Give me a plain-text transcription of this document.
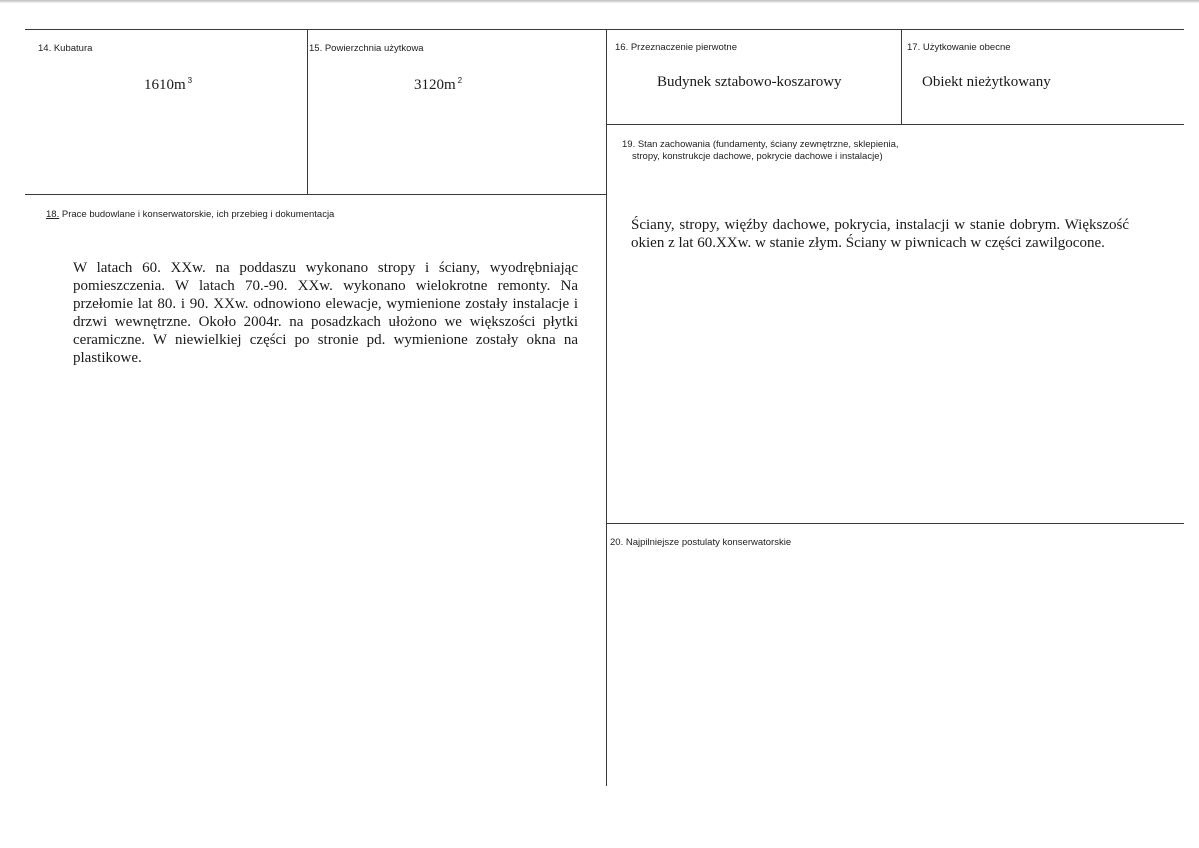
14. Kubatura
1610m $^3$
15. Powierzchnia użytkowa
3120m $^2$
16. Przeznaczenie pierwotne
Budynek sztabowo-koszarowy
17. Użytkowanie obecne
Obiekt nieżytkowany
19. Stan zachowania (fundamenty, ściany zewnętrzne, sklepienia,
stropy, konstrukcje dachowe, pokrycie dachowe i instalacje)
18. Prace budowlane i konserwatorskie, ich przebieg i dokumentacja
W latach 60. XXw. na poddaszu wykonano stropy i ściany, wyodrębniając pomieszczenia. W latach 70.-90. XXw. wykonano wielokrotne remonty. Na przełomie lat 80. i 90. XXw. odnowiono elewacje, wymienione zostały instalacje i drzwi wewnętrzne. Około 2004r. na posadzkach ułożono we większości płytki ceramiczne. W niewielkiej części po stronie pd. wymienione zostały okna na plastikowe.
Ściany, stropy, więźby dachowe, pokrycia, instalacji w stanie dobrym. Większość okien z lat 60.XXw. w stanie złym. Ściany w piwnicach w części zawilgocone.
20. Najpilniejsze postulaty konserwatorskie
